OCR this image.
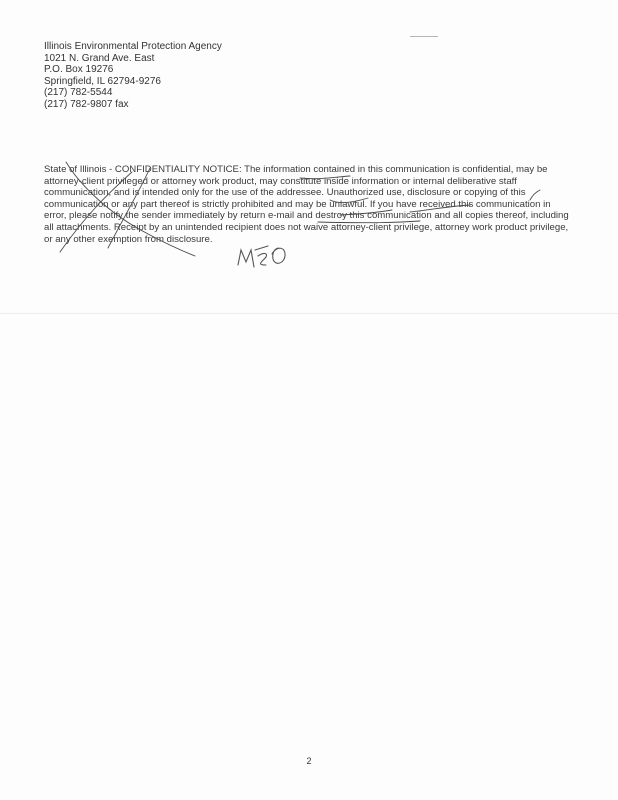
Illinois Environmental Protection Agency
1021 N. Grand Ave. East
P.O. Box 19276
Springfield, IL 62794-9276
(217) 782-5544
(217) 782-9807 fax
State of Illinois - CONFIDENTIALITY NOTICE: The information contained in this communication is confidential, may be attorney-client privileged or attorney work product, may constitute inside information or internal deliberative staff communication, and is intended only for the use of the addressee. Unauthorized use, disclosure or copying of this communication or any part thereof is strictly prohibited and may be unlawful. If you have received this communication in error, please notify the sender immediately by return e-mail and destroy this communication and all copies thereof, including all attachments. Receipt by an unintended recipient does not waive attorney-client privilege, attorney work product privilege, or any other exemption from disclosure.
2
